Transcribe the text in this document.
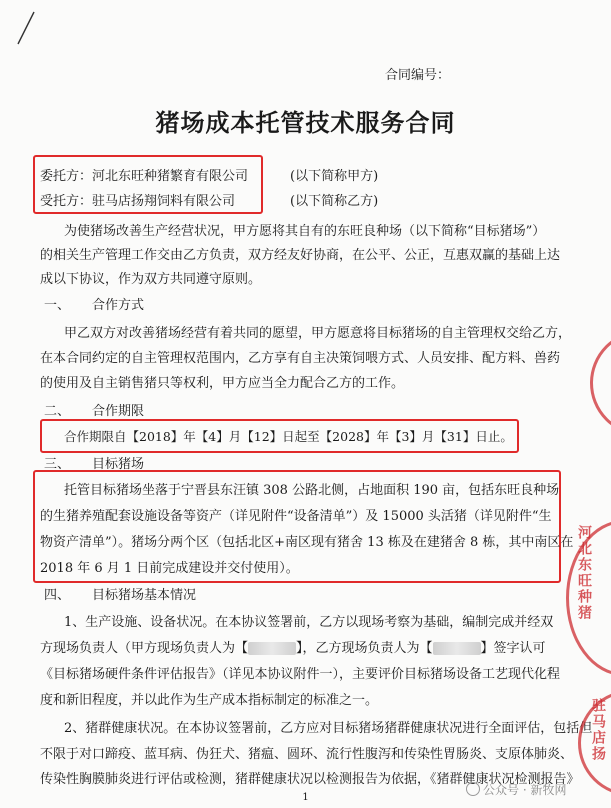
合同编号：
猪场成本托管技术服务合同
委托方：河北东旺种猪繁育有限公司	(以下简称甲方)
受托方：驻马店扬翔饲料有限公司	(以下简称乙方)
为使猪场改善生产经营状况，甲方愿将其自有的东旺良种场（以下简称“目标猪场”）
的相关生产管理工作交由乙方负责，双方经友好协商，在公平、公正，互惠双赢的基础上达
成以下协议，作为双方共同遵守原则。
一、 合作方式
甲乙双方对改善猪场经营有着共同的愿望，甲方愿意将目标猪场的自主管理权交给乙方，
在本合同约定的自主管理权范围内，乙方享有自主决策饲喂方式、人员安排、配方料、兽药
的使用及自主销售猪只等权利，甲方应当全力配合乙方的工作。
二、 合作期限
合作期限自【2018】年【4】月【12】日起至【2028】年【3】月【31】日止。
三、 目标猪场
托管目标猪场坐落于宁晋县东汪镇 308 公路北侧，占地面积 190 亩，包括东旺良种场
的生猪养殖配套设施设备等资产（详见附件“设备清单”）及 15000 头活猪（详见附件“生
物资产清单”）。猪场分两个区（包括北区+南区现有猪舍 13 栋及在建猪舍 8 栋，其中南区在
2018 年 6 月 1 日前完成建设并交付使用）。
四、 目标猪场基本情况
1、生产设施、设备状况。在本协议签署前，乙方以现场考察为基础，编制完成并经双
方现场负责人（甲方现场负责人为【	】，乙方现场负责人为【	】签字认可
《目标猪场硬件条件评估报告》（详见本协议附件一），主要评价目标猪场设备工艺现代化程
度和新旧程度，并以此作为生产成本指标制定的标准之一。
2、猪群健康状况。在本协议签署前，乙方应对目标猪场猪群健康状况进行全面评估，包括但
不限于对口蹄疫、蓝耳病、伪狂犬、猪瘟、圆环、流行性腹泻和传染性胃肠炎、支原体肺炎、
传染性胸膜肺炎进行评估或检测，猪群健康状况以检测报告为依据，《猪群健康状况检测报告》
河北东旺种猪
驻马店扬
1
公众号 · 新牧网
